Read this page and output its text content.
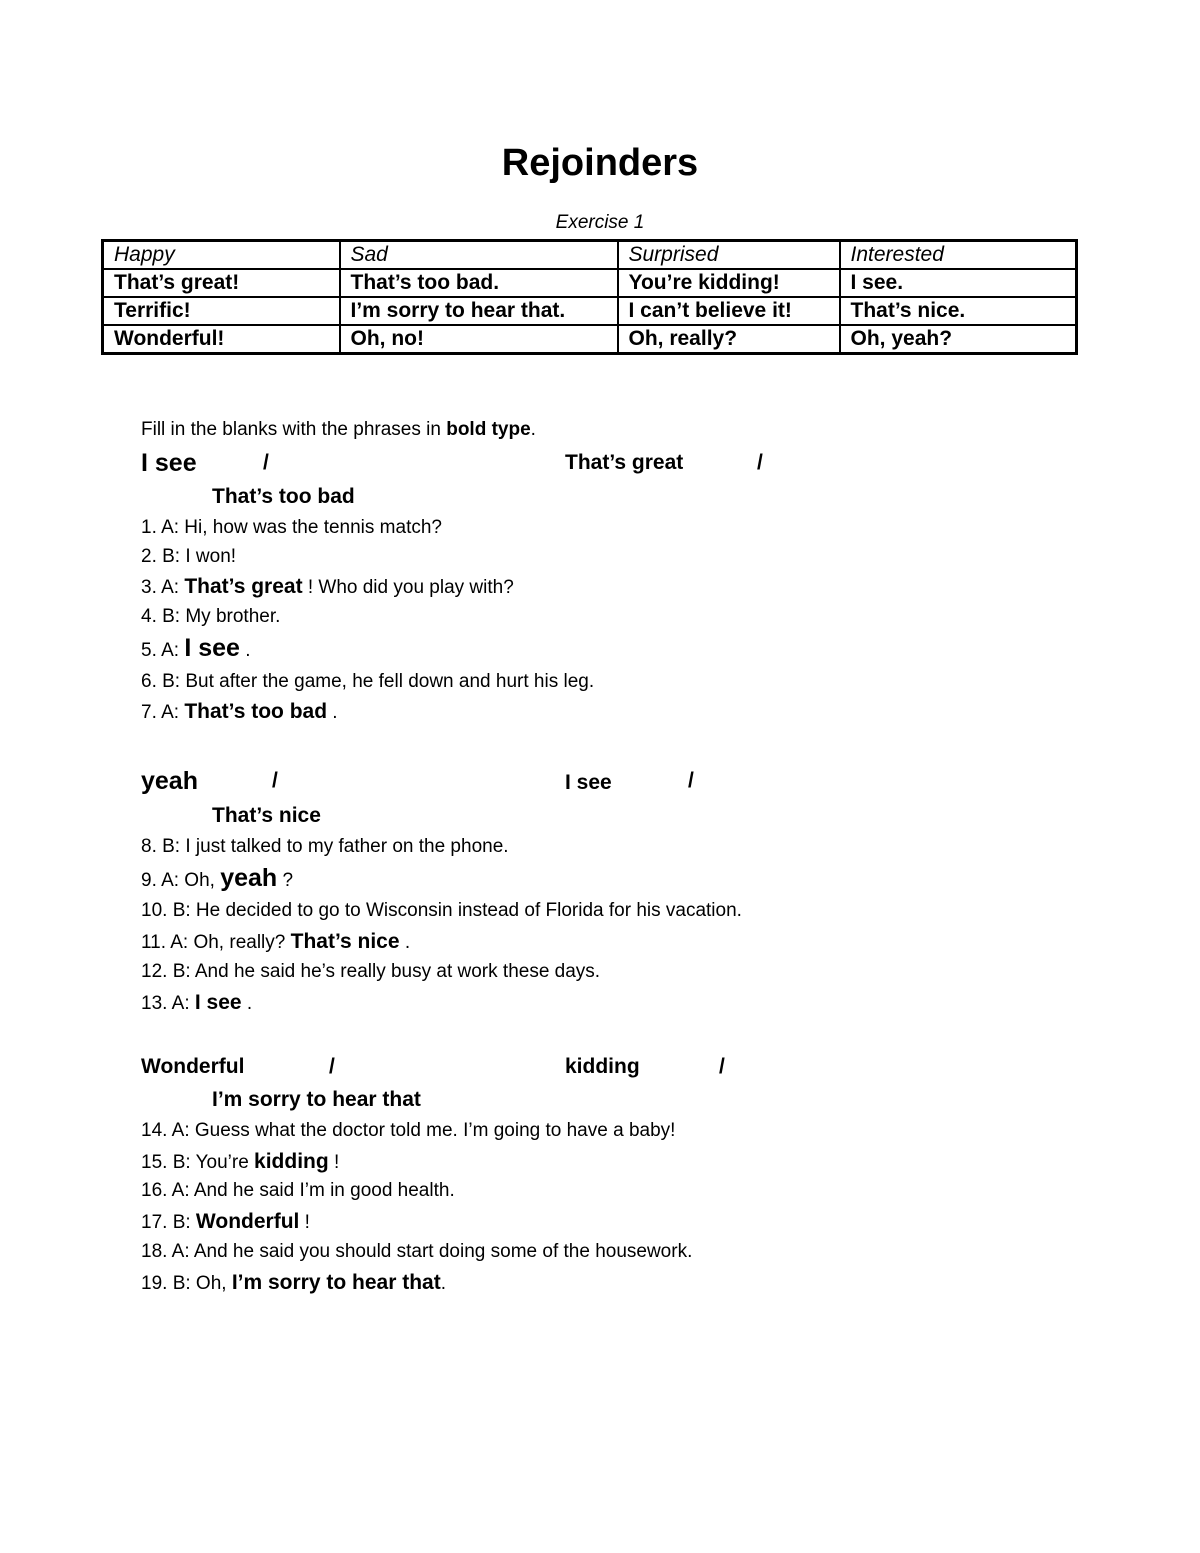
Rejoinders
Exercise 1
Happy	Sad	Surprised	Interested
That’s great!	That’s too bad.	You’re kidding!	I see.
Terrific!	I’m sorry to hear that.	I can’t believe it!	That’s nice.
Wonderful!	Oh, no!	Oh, really?	Oh, yeah?
Fill in the blanks with the phrases in bold type.
I see	/	That’s great	/
That’s too bad
1. A: Hi, how was the tennis match?
2. B: I won!
3. A: That’s great ! Who did you play with?
4. B: My brother.
5. A: I see .
6. B: But after the game, he fell down and hurt his leg.
7. A: That’s too bad .
yeah	/	I see	/
That’s nice
8. B: I just talked to my father on the phone.
9. A: Oh, yeah ?
10. B: He decided to go to Wisconsin instead of Florida for his vacation.
11. A: Oh, really? That’s nice .
12. B: And he said he’s really busy at work these days.
13. A: I see .
Wonderful	/	kidding	/
I’m sorry to hear that
14. A: Guess what the doctor told me. I’m going to have a baby!
15. B: You’re kidding !
16. A: And he said I’m in good health.
17. B: Wonderful !
18. A: And he said you should start doing some of the housework.
19. B: Oh, I’m sorry to hear that.
